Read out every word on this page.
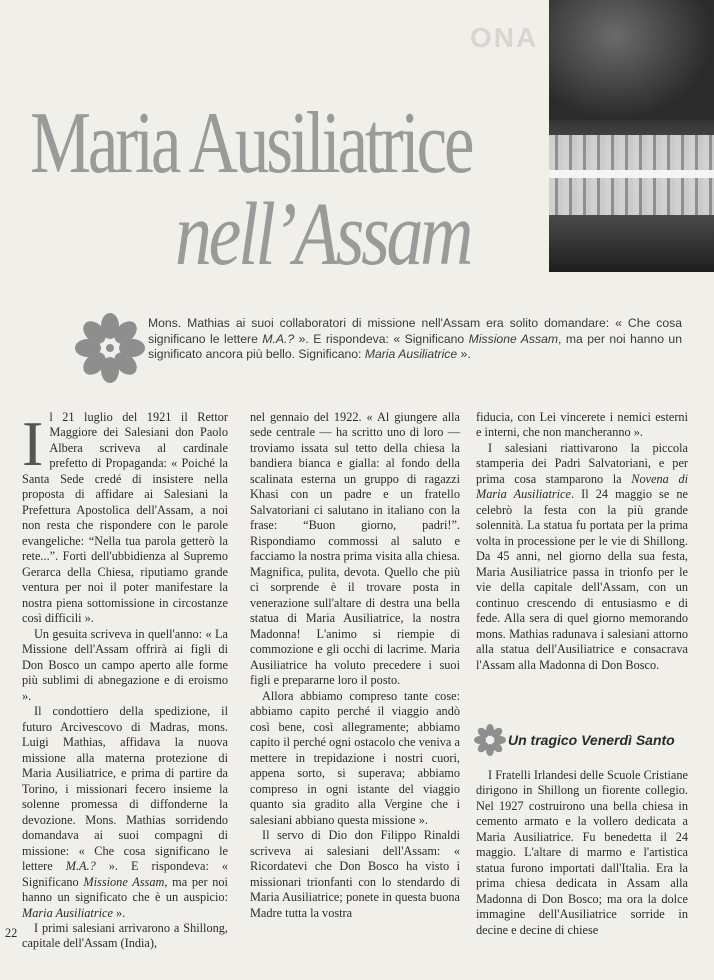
ONA
Maria Ausiliatrice
nell’Assam
Mons. Mathias ai suoi collaboratori di missione nell'Assam era solito domandare: « Che cosa significano le lettere M.A.? ». E rispondeva: « Significano Missione Assam, ma per noi hanno un significato ancora più bello. Significano: Maria Ausiliatrice ».

Il 21 luglio del 1921 il Rettor Maggiore dei Salesiani don Paolo Albera scriveva al cardinale prefetto di Propaganda: « Poiché la Santa Sede credé di insistere nella proposta di affidare ai Salesiani la Prefettura Apostolica dell'Assam, a noi non resta che rispondere con le parole evangeliche: “Nella tua parola getterò la rete...”. Forti dell'ubbidienza al Supremo Gerarca della Chiesa, riputiamo grande ventura per noi il poter manifestare la nostra piena sottomissione in circostanze così difficili ».

Un gesuita scriveva in quell'anno: « La Missione dell'Assam offrirà ai figli di Don Bosco un campo aperto alle forme più sublimi di abnegazione e di eroismo ».

Il condottiero della spedizione, il futuro Arcivescovo di Madras, mons. Luigi Mathias, affidava la nuova missione alla materna protezione di Maria Ausiliatrice, e prima di partire da Torino, i missionari fecero insieme la solenne promessa di diffonderne la devozione. Mons. Mathias sorridendo domandava ai suoi compagni di missione: « Che cosa significano le lettere M.A.? ». E rispondeva: « Significano Missione Assam, ma per noi hanno un significato che è un auspicio: Maria Ausiliatrice ».

I primi salesiani arrivarono a Shillong, capitale dell'Assam (India),

nel gennaio del 1922. « Al giungere alla sede centrale — ha scritto uno di loro — troviamo issata sul tetto della chiesa la bandiera bianca e gialla: al fondo della scalinata esterna un gruppo di ragazzi Khasi con un padre e un fratello Salvatoriani ci salutano in italiano con la frase: “Buon giorno, padri!”. Rispondiamo commossi al saluto e facciamo la nostra prima visita alla chiesa. Magnifica, pulita, devota. Quello che più ci sorprende è il trovare posta in venerazione sull'altare di destra una bella statua di Maria Ausiliatrice, la nostra Madonna! L'animo si riempie di commozione e gli occhi di lacrime. Maria Ausiliatrice ha voluto precedere i suoi figli e prepararne loro il posto.

Allora abbiamo compreso tante cose: abbiamo capito perché il viaggio andò così bene, così allegramente; abbiamo capito il perché ogni ostacolo che veniva a mettere in trepidazione i nostri cuori, appena sorto, si superava; abbiamo compreso in ogni istante del viaggio quanto sia gradito alla Vergine che i salesiani abbiano questa missione ».

Il servo di Dio don Filippo Rinaldi scriveva ai salesiani dell'Assam: « Ricordatevi che Don Bosco ha visto i missionari trionfanti con lo stendardo di Maria Ausiliatrice; ponete in questa buona Madre tutta la vostra

fiducia, con Lei vincerete i nemici esterni e interni, che non mancheranno ».

I salesiani riattivarono la piccola stamperia dei Padri Salvatoriani, e per prima cosa stamparono la Novena di Maria Ausiliatrice. Il 24 maggio se ne celebrò la festa con la più grande solennità. La statua fu portata per la prima volta in processione per le vie di Shillong. Da 45 anni, nel giorno della sua festa, Maria Ausiliatrice passa in trionfo per le vie della capitale dell'Assam, con un continuo crescendo di entusiasmo e di fede. Alla sera di quel giorno memorando mons. Mathias radunava i salesiani attorno alla statua dell'Ausiliatrice e consacrava l'Assam alla Madonna di Don Bosco.

Un tragico Venerdì Santo

I Fratelli Irlandesi delle Scuole Cristiane dirigono in Shillong un fiorente collegio. Nel 1927 costruirono una bella chiesa in cemento armato e la vollero dedicata a Maria Ausiliatrice. Fu benedetta il 24 maggio. L'altare di marmo e l'artistica statua furono importati dall'Italia. Era la prima chiesa dedicata in Assam alla Madonna di Don Bosco; ma ora la dolce immagine dell'Ausiliatrice sorride in decine e decine di chiese

22
